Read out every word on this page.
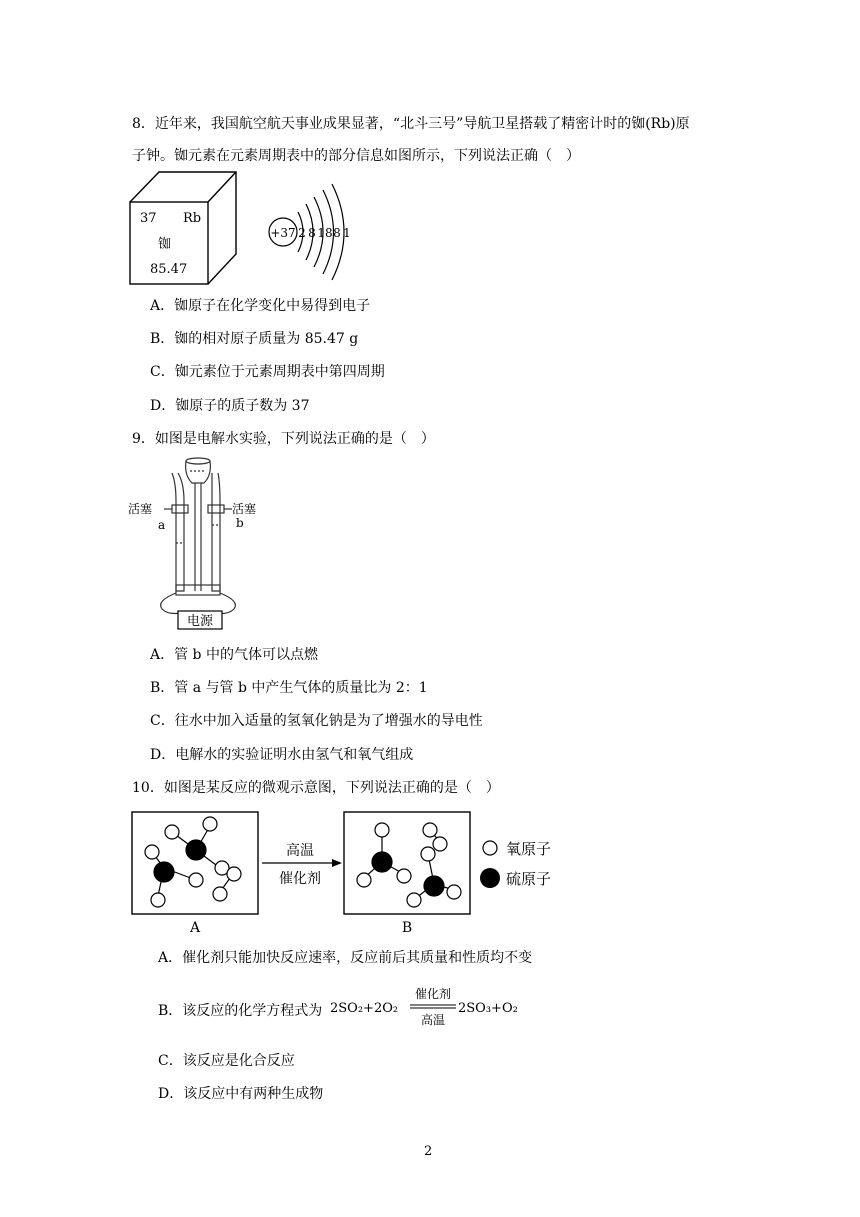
8．近年来，我国航空航天事业成果显著，“北斗三号”导航卫星搭载了精密计时的铷(Rb)原
子钟。铷元素在元素周期表中的部分信息如图所示，下列说法正确（　）
37 Rb
铷
85.47
+37 2 8 18 8 1
A．铷原子在化学变化中易得到电子
B．铷的相对原子质量为 85.47 g
C．铷元素位于元素周期表中第四周期
D．铷原子的质子数为 37
9．如图是电解水实验，下列说法正确的是（　）
电源
活塞	活塞
a	b
A．管 b 中的气体可以点燃
B．管 a 与管 b 中产生气体的质量比为 2：1
C．往水中加入适量的氢氧化钠是为了增强水的导电性
D．电解水的实验证明水由氢气和氧气组成
10．如图是某反应的微观示意图，下列说法正确的是（　）
高温
催化剂
氧原子
硫原子
A	B
A．催化剂只能加快反应速率，反应前后其质量和性质均不变
B．该反应的化学方程式为 2SO₂+2O₂
催化剂
高温
2SO₃+O₂
C．该反应是化合反应
D．该反应中有两种生成物
2
